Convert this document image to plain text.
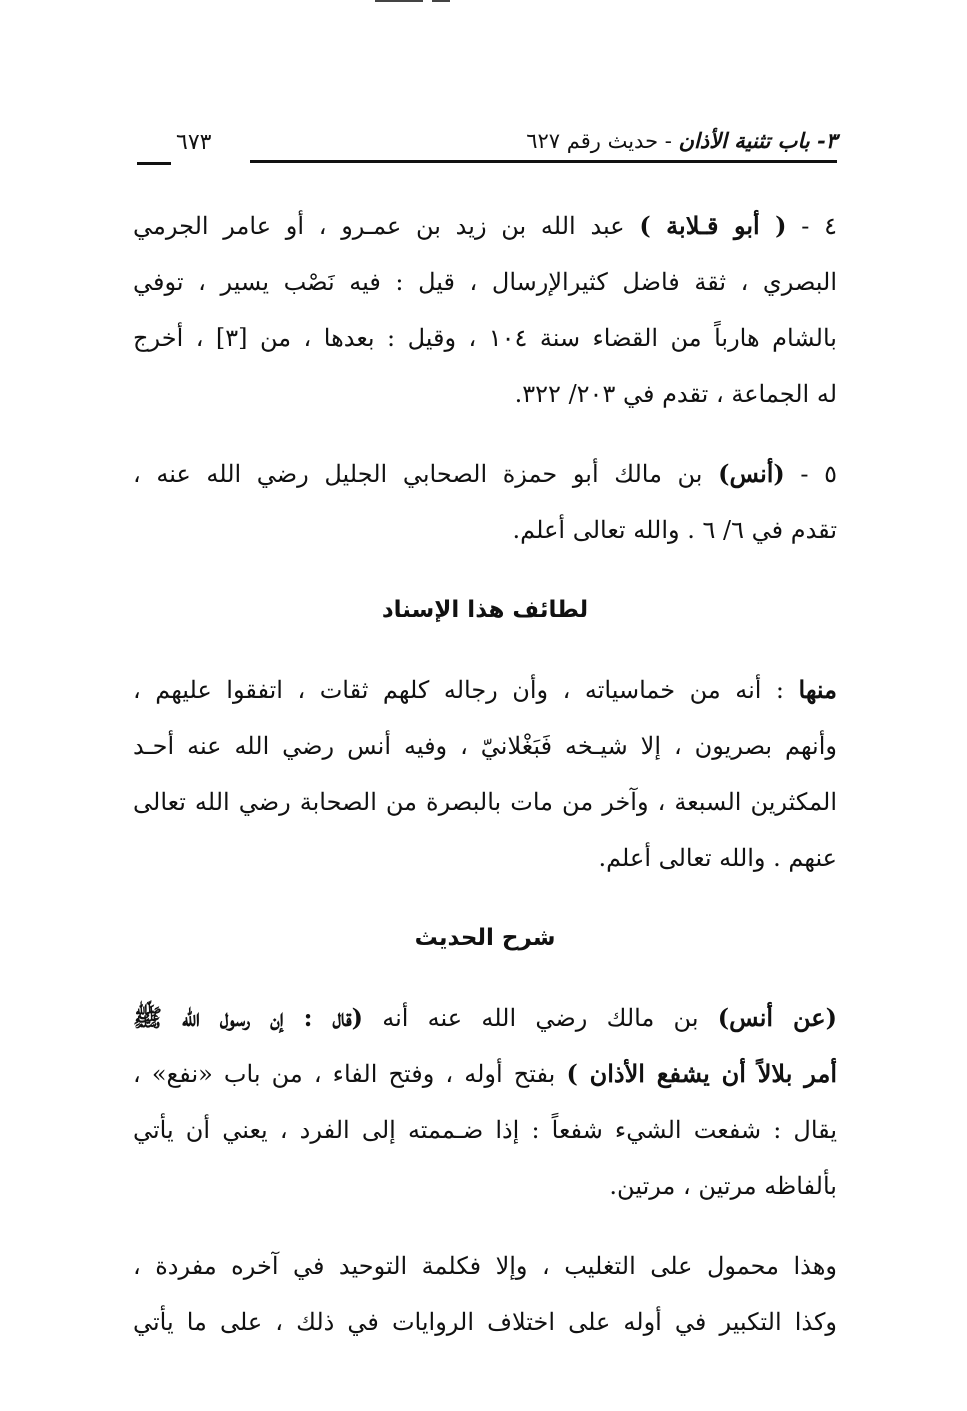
٣- باب تثنية الأذان - حديث رقم ٦٢٧
٦٧٣
٤ - ( أبو قـلابة ) عبد الله بن زيد بن عمـرو ، أو عامر الجرمي
البصري ، ثقة فاضل كثيرالإرسال ، قيل : فيه نَصْب يسير ، توفي
بالشام هارباً من القضاء سنة ١٠٤ ، وقيل : بعدها ، من [٣] ، أخرج
له الجماعة ، تقدم في ٢٠٣/ ٣٢٢.
٥ - (أنس) بن مالك أبو حمزة الصحابي الجليل رضي الله عنه ،
تقدم في ٦/ ٦ . والله تعالى أعلم.
لطائف هذا الإسناد
منها : أنه من خماسياته ، وأن رجاله كلهم ثقات ، اتفقوا عليهم ،
وأنهم بصريون ، إلا شيـخه فَبَغْلانيّ ، وفيه أنس رضي الله عنه أحـد
المكثرين السبعة ، وآخر من مات بالبصرة من الصحابة رضي الله تعالى
عنهم . والله تعالى أعلم.
شرح الحديث
(عن أنس) بن مالك رضي الله عنه أنه (قال : إن رسول الله ﷺ
أمر بلالاً أن يشفع الأذان ) بفتح أوله ، وفتح الفاء ، من باب «نفع» ،
يقال : شفعت الشيء شفعاً : إذا ضـممته إلى الفرد ، يعني أن يأتي
بألفاظه مرتين ، مرتين.
وهذا محمول على التغليب ، وإلا فكلمة التوحيد في آخره مفردة ،
وكذا التكبير في أوله على اختلاف الروايات في ذلك ، على ما يأتي
